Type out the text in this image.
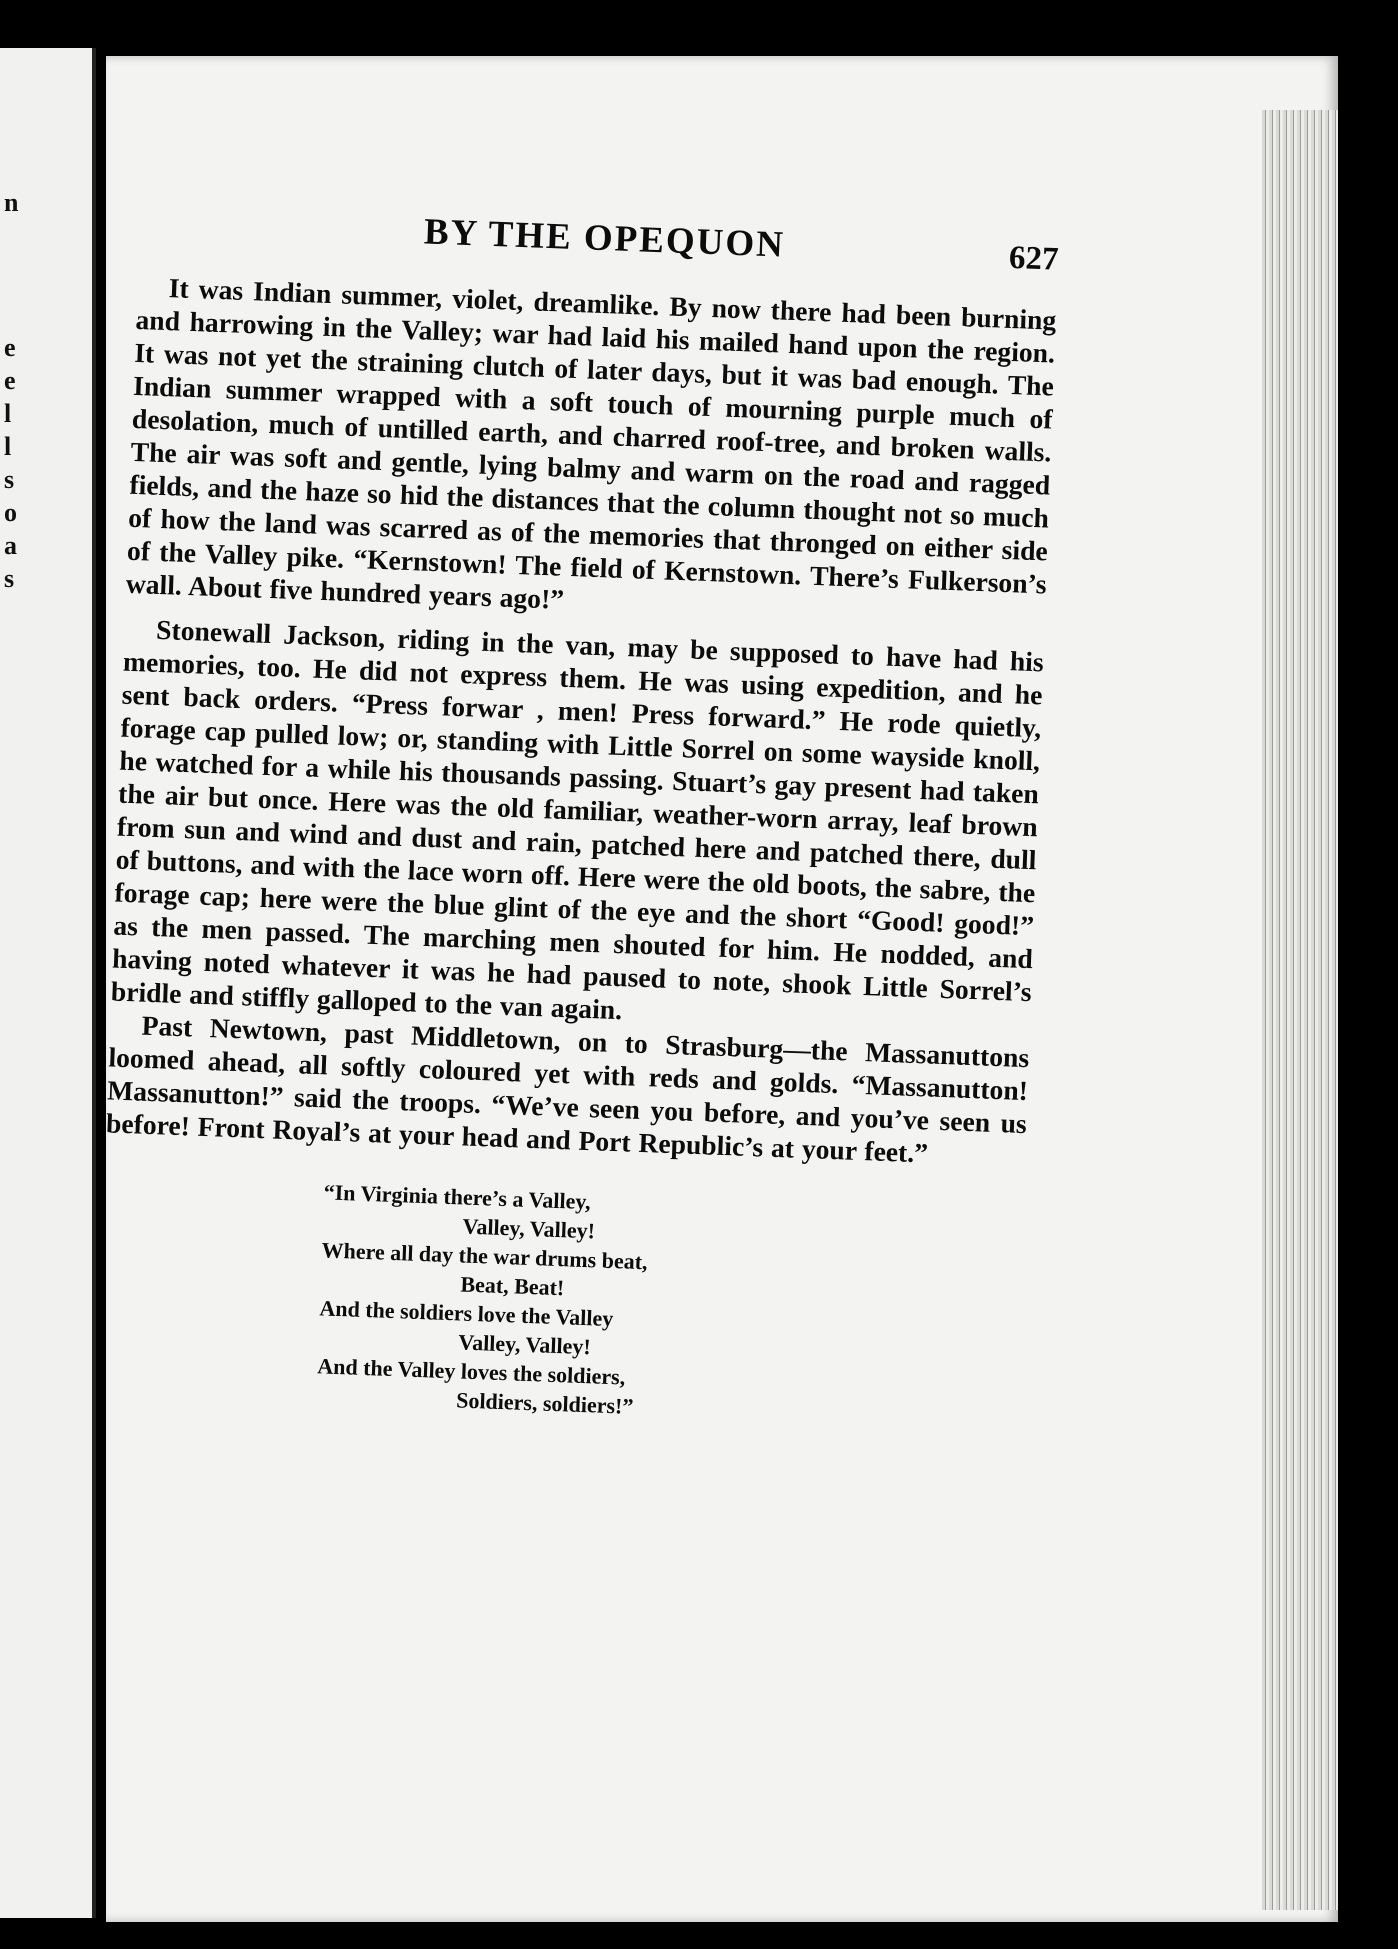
n
e
e
l
l
s
o
a
s
BY THE OPEQUON	627

It was Indian summer, violet, dreamlike. By now there had been burning and harrowing in the Valley; war had laid his mailed hand upon the region. It was not yet the straining clutch of later days, but it was bad enough. The Indian summer wrapped with a soft touch of mourning purple much of desolation, much of untilled earth, and charred roof-tree, and broken walls. The air was soft and gentle, lying balmy and warm on the road and ragged fields, and the haze so hid the distances that the column thought not so much of how the land was scarred as of the memories that thronged on either side of the Valley pike. “Kernstown! The field of Kernstown. There’s Fulkerson’s wall. About five hundred years ago!”

Stonewall Jackson, riding in the van, may be supposed to have had his memories, too. He did not express them. He was using expedition, and he sent back orders. “Press forwar , men! Press forward.” He rode quietly, forage cap pulled low; or, standing with Little Sorrel on some wayside knoll, he watched for a while his thousands passing. Stuart’s gay present had taken the air but once. Here was the old familiar, weather-worn array, leaf brown from sun and wind and dust and rain, patched here and patched there, dull of buttons, and with the lace worn off. Here were the old boots, the sabre, the forage cap; here were the blue glint of the eye and the short “Good! good!” as the men passed. The marching men shouted for him. He nodded, and having noted whatever it was he had paused to note, shook Little Sorrel’s bridle and stiffly galloped to the van again.

Past Newtown, past Middletown, on to Strasburg—the Massanuttons loomed ahead, all softly coloured yet with reds and golds. “Massanutton! Massanutton!” said the troops. “We’ve seen you before, and you’ve seen us before! Front Royal’s at your head and Port Republic’s at your feet.”

“In Virginia there’s a Valley,
Valley, Valley!
Where all day the war drums beat,
Beat, Beat!
And the soldiers love the Valley
Valley, Valley!
And the Valley loves the soldiers,
Soldiers, soldiers!”
